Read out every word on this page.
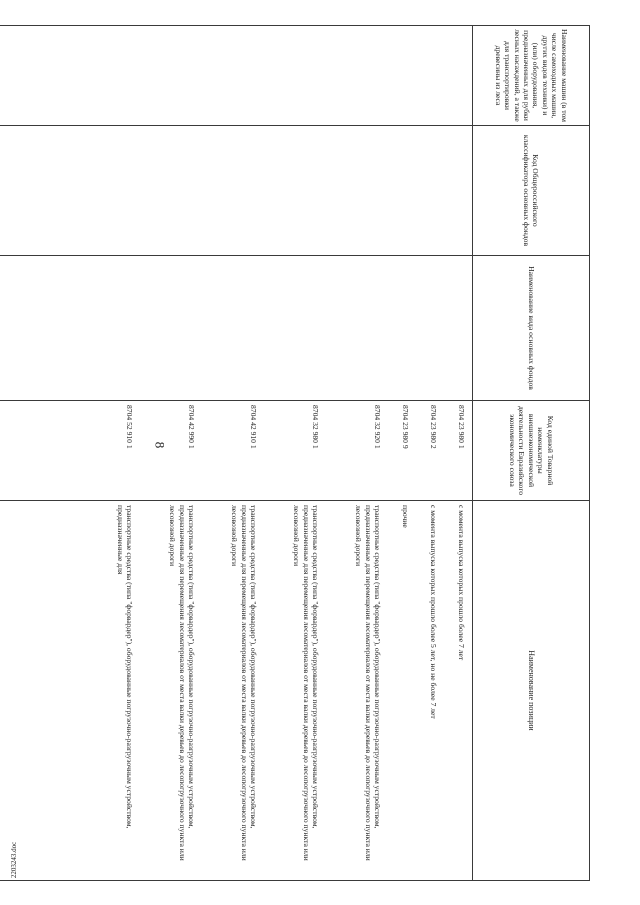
8
2203243.doc
Наименование машин (в том числе самоходных машин, других видов техники) и (или) оборудования, предназначенных для рубки лесных насаждений, а также для транспортировки древесины из леса	Код Общероссийского классификатора основных фондов	Наименование вида основных фондов	Код единой Товарной номенклатуры внешнеэкономической деятельности Евразийского экономического союза	Наименование позиции
			8704 23 980 1	с момента выпуска которых прошло более 7 лет
			8704 23 980 2	с момента выпуска которых прошло более 5 лет, но не более 7 лет
			8704 23 980 9	прочие
			8704 32 920 1	транспортные средства (типа "форвардер"), оборудованные погрузочно-разгрузочным устройством, предназначенные для перемещения лесоматериалов от места валки деревьев до лесопогрузочного пункта или лесовозной дороги
			8704 32 980 1	транспортные средства (типа "форвардер"), оборудованные погрузочно-разгрузочным устройством, предназначенные для перемещения лесоматериалов от места валки деревьев до лесопогрузочного пункта или лесовозной дороги
			8704 42 910 1	транспортные средства (типа "форвардер"), оборудованные погрузочно-разгрузочным устройством, предназначенные для перемещения лесоматериалов от места валки деревьев до лесопогрузочного пункта или лесовозной дороги
			8704 42 990 1	транспортные средства (типа "форвардер"), оборудованные погрузочно-разгрузочным устройством, предназначенные для перемещения лесоматериалов от места валки деревьев до лесопогрузочного пункта или лесовозной дороги
			8704 52 910 1	транспортные средства (типа "форвардер"), оборудованные погрузочно-разгрузочным устройством, предназначенные для
